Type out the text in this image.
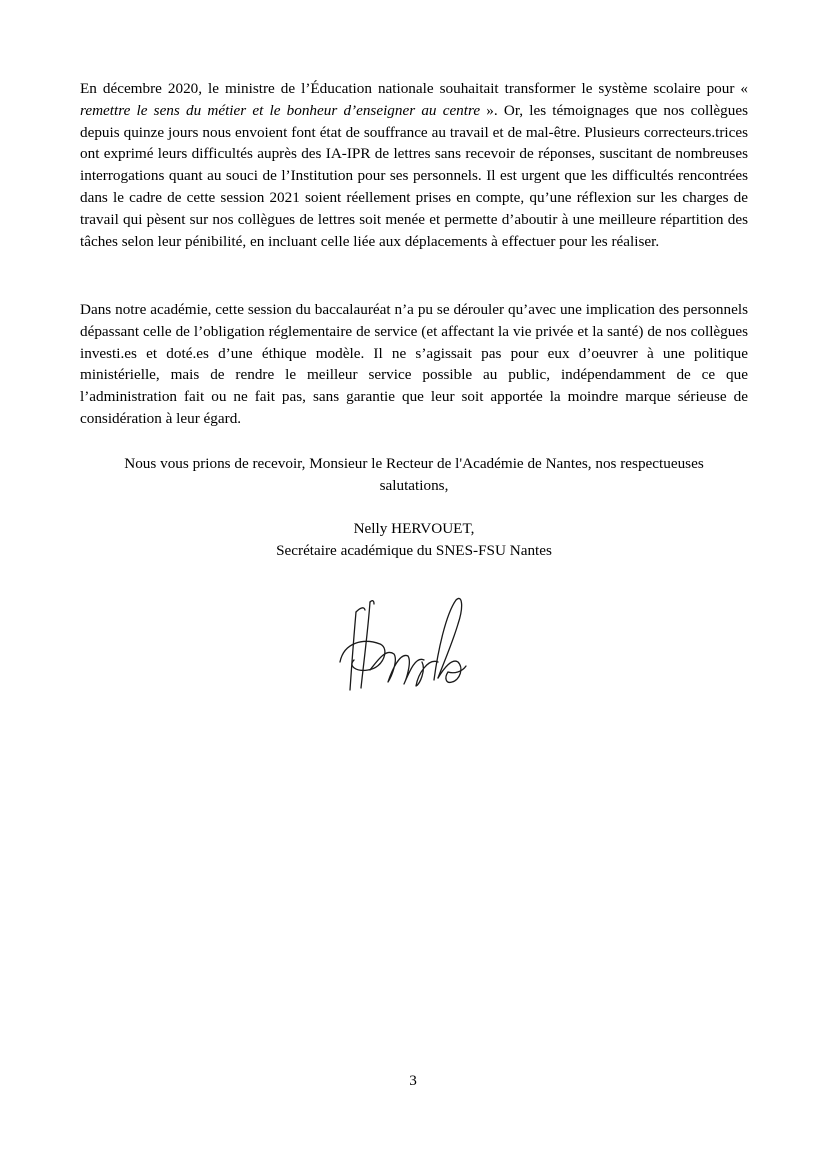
En décembre 2020, le ministre de l’Éducation nationale souhaitait transformer le système scolaire pour « remettre le sens du métier et le bonheur d’enseigner au centre ». Or, les témoignages que nos collègues depuis quinze jours nous envoient font état de souffrance au travail et de mal-être. Plusieurs correcteurs.trices ont exprimé leurs difficultés auprès des IA-IPR de lettres sans recevoir de réponses, suscitant de nombreuses interrogations quant au souci de l’Institution pour ses personnels. Il est urgent que les difficultés rencontrées dans le cadre de cette session 2021 soient réellement prises en compte, qu’une réflexion sur les charges de travail qui pèsent sur nos collègues de lettres soit menée et permette d’aboutir à une meilleure répartition des tâches selon leur pénibilité, en incluant celle liée aux déplacements à effectuer pour les réaliser.

Dans notre académie, cette session du baccalauréat n’a pu se dérouler qu’avec une implication des personnels dépassant celle de l’obligation réglementaire de service (et affectant la vie privée et la santé) de nos collègues investi.es et doté.es d’une éthique modèle. Il ne s’agissait pas pour eux d’oeuvrer à une politique ministérielle, mais de rendre le meilleur service possible au public, indépendamment de ce que l’administration fait ou ne fait pas, sans garantie que leur soit apportée la moindre marque sérieuse de considération à leur égard.

Nous vous prions de recevoir, Monsieur le Recteur de l'Académie de Nantes, nos respectueuses
salutations,

Nelly HERVOUET,
Secrétaire académique du SNES-FSU Nantes

3
